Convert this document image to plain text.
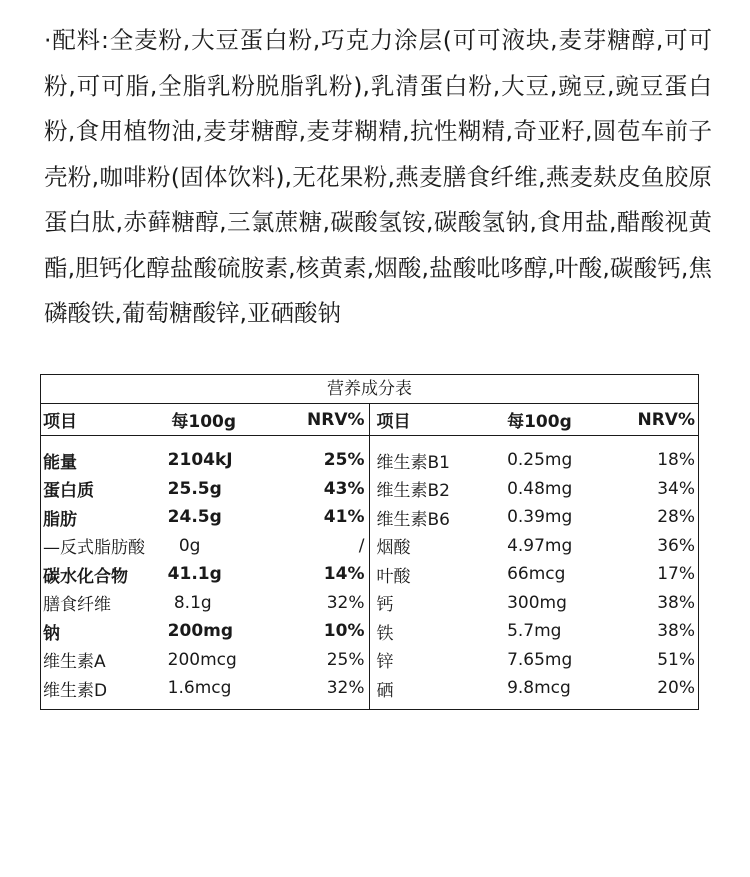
·配料:全麦粉,大豆蛋白粉,巧克力涂层(可可液块,麦芽糖醇,可可粉,可可脂,全脂乳粉脱脂乳粉),乳清蛋白粉,大豆,豌豆,豌豆蛋白粉,食用植物油,麦芽糖醇,麦芽糊精,抗性糊精,奇亚籽,圆苞车前子壳粉,咖啡粉(固体饮料),无花果粉,燕麦膳食纤维,燕麦麸皮鱼胶原蛋白肽,赤藓糖醇,三氯蔗糖,碳酸氢铵,碳酸氢钠,食用盐,醋酸视黄酯,胆钙化醇盐酸硫胺素,核黄素,烟酸,盐酸吡哆醇,叶酸,碳酸钙,焦磷酸铁,葡萄糖酸锌,亚硒酸钠
营养成分表
项目	每100g	NRV%
能量	2104kJ	25%
蛋白质	25.5g	43%
脂肪	24.5g	41%
—反式脂肪酸	0g	/
碳水化合物	41.1g	14%
膳食纤维	8.1g	32%
钠	200mg	10%
维生素A	200mcg	25%
维生素D	1.6mcg	32%
项目	每100g	NRV%
维生素B1	0.25mg	18%
维生素B2	0.48mg	34%
维生素B6	0.39mg	28%
烟酸	4.97mg	36%
叶酸	66mcg	17%
钙	300mg	38%
铁	5.7mg	38%
锌	7.65mg	51%
硒	9.8mcg	20%
